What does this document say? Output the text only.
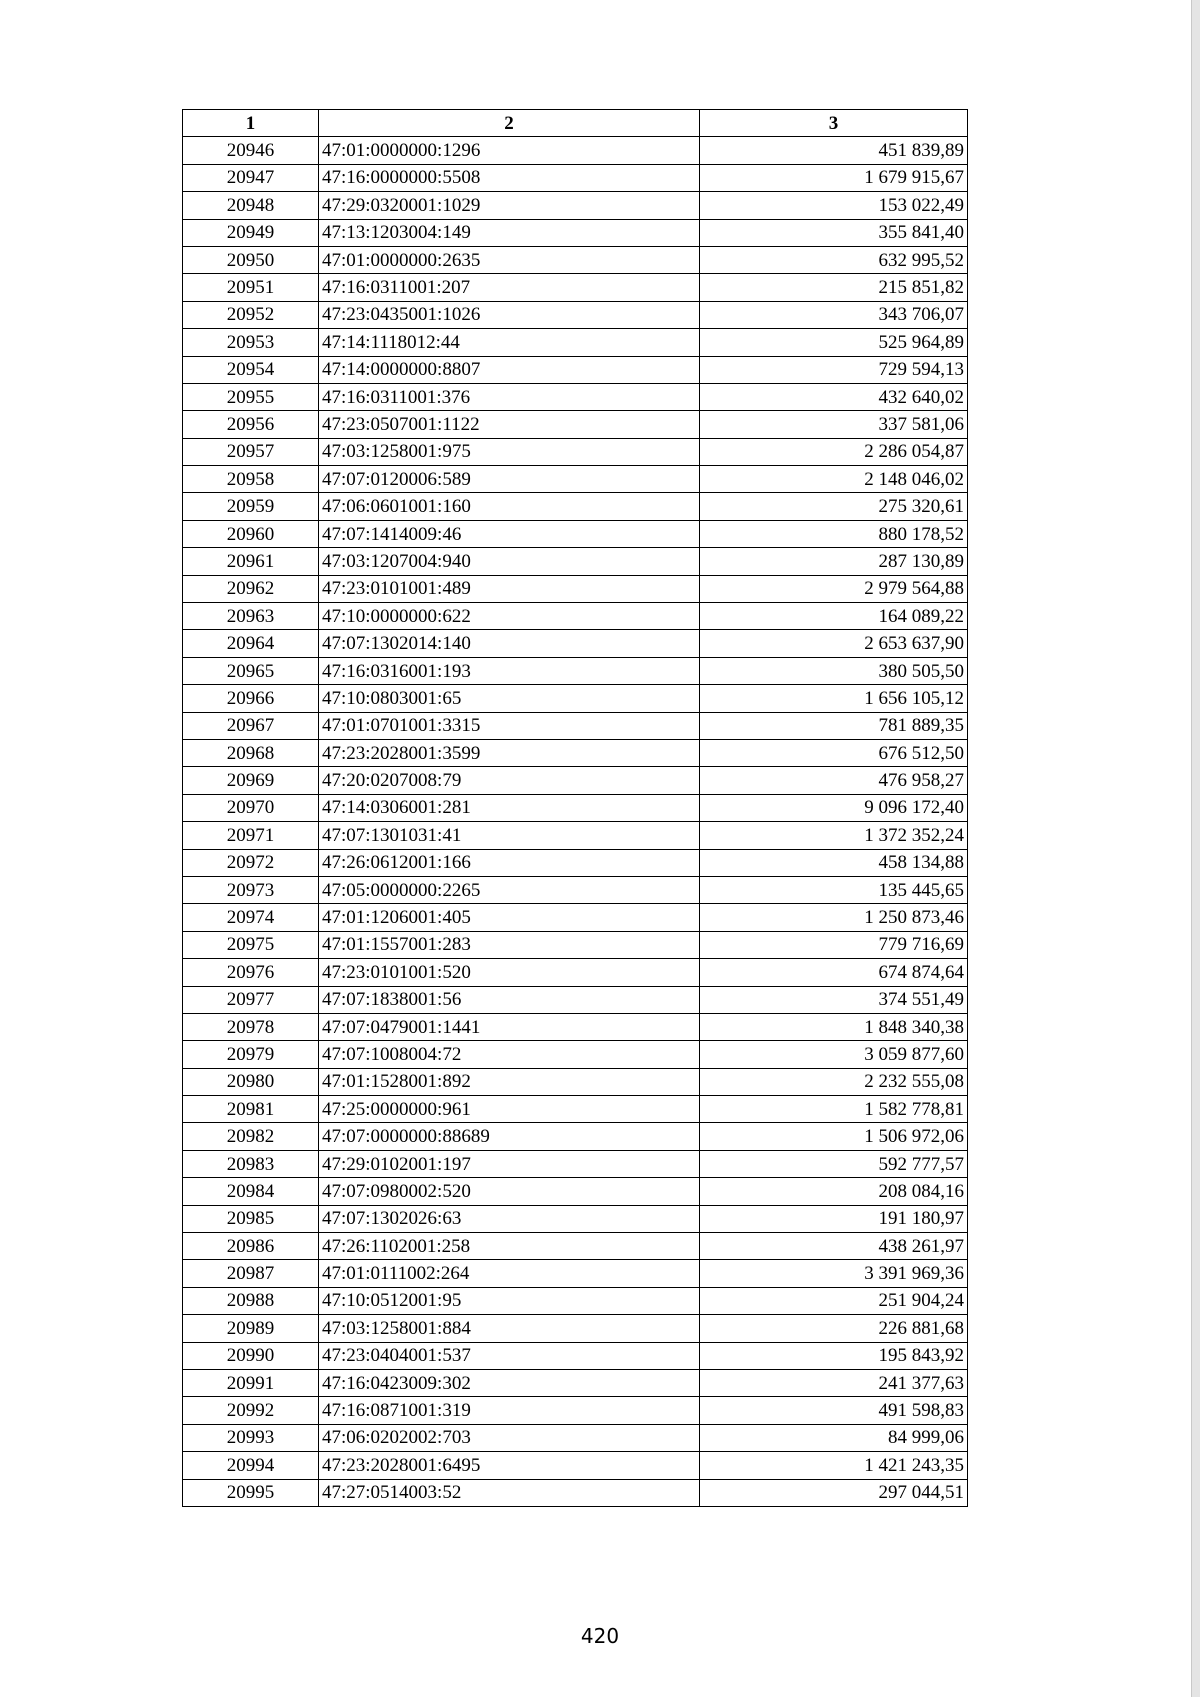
1	2	3
20946	47:01:0000000:1296	451 839,89
20947	47:16:0000000:5508	1 679 915,67
20948	47:29:0320001:1029	153 022,49
20949	47:13:1203004:149	355 841,40
20950	47:01:0000000:2635	632 995,52
20951	47:16:0311001:207	215 851,82
20952	47:23:0435001:1026	343 706,07
20953	47:14:1118012:44	525 964,89
20954	47:14:0000000:8807	729 594,13
20955	47:16:0311001:376	432 640,02
20956	47:23:0507001:1122	337 581,06
20957	47:03:1258001:975	2 286 054,87
20958	47:07:0120006:589	2 148 046,02
20959	47:06:0601001:160	275 320,61
20960	47:07:1414009:46	880 178,52
20961	47:03:1207004:940	287 130,89
20962	47:23:0101001:489	2 979 564,88
20963	47:10:0000000:622	164 089,22
20964	47:07:1302014:140	2 653 637,90
20965	47:16:0316001:193	380 505,50
20966	47:10:0803001:65	1 656 105,12
20967	47:01:0701001:3315	781 889,35
20968	47:23:2028001:3599	676 512,50
20969	47:20:0207008:79	476 958,27
20970	47:14:0306001:281	9 096 172,40
20971	47:07:1301031:41	1 372 352,24
20972	47:26:0612001:166	458 134,88
20973	47:05:0000000:2265	135 445,65
20974	47:01:1206001:405	1 250 873,46
20975	47:01:1557001:283	779 716,69
20976	47:23:0101001:520	674 874,64
20977	47:07:1838001:56	374 551,49
20978	47:07:0479001:1441	1 848 340,38
20979	47:07:1008004:72	3 059 877,60
20980	47:01:1528001:892	2 232 555,08
20981	47:25:0000000:961	1 582 778,81
20982	47:07:0000000:88689	1 506 972,06
20983	47:29:0102001:197	592 777,57
20984	47:07:0980002:520	208 084,16
20985	47:07:1302026:63	191 180,97
20986	47:26:1102001:258	438 261,97
20987	47:01:0111002:264	3 391 969,36
20988	47:10:0512001:95	251 904,24
20989	47:03:1258001:884	226 881,68
20990	47:23:0404001:537	195 843,92
20991	47:16:0423009:302	241 377,63
20992	47:16:0871001:319	491 598,83
20993	47:06:0202002:703	84 999,06
20994	47:23:2028001:6495	1 421 243,35
20995	47:27:0514003:52	297 044,51
420
